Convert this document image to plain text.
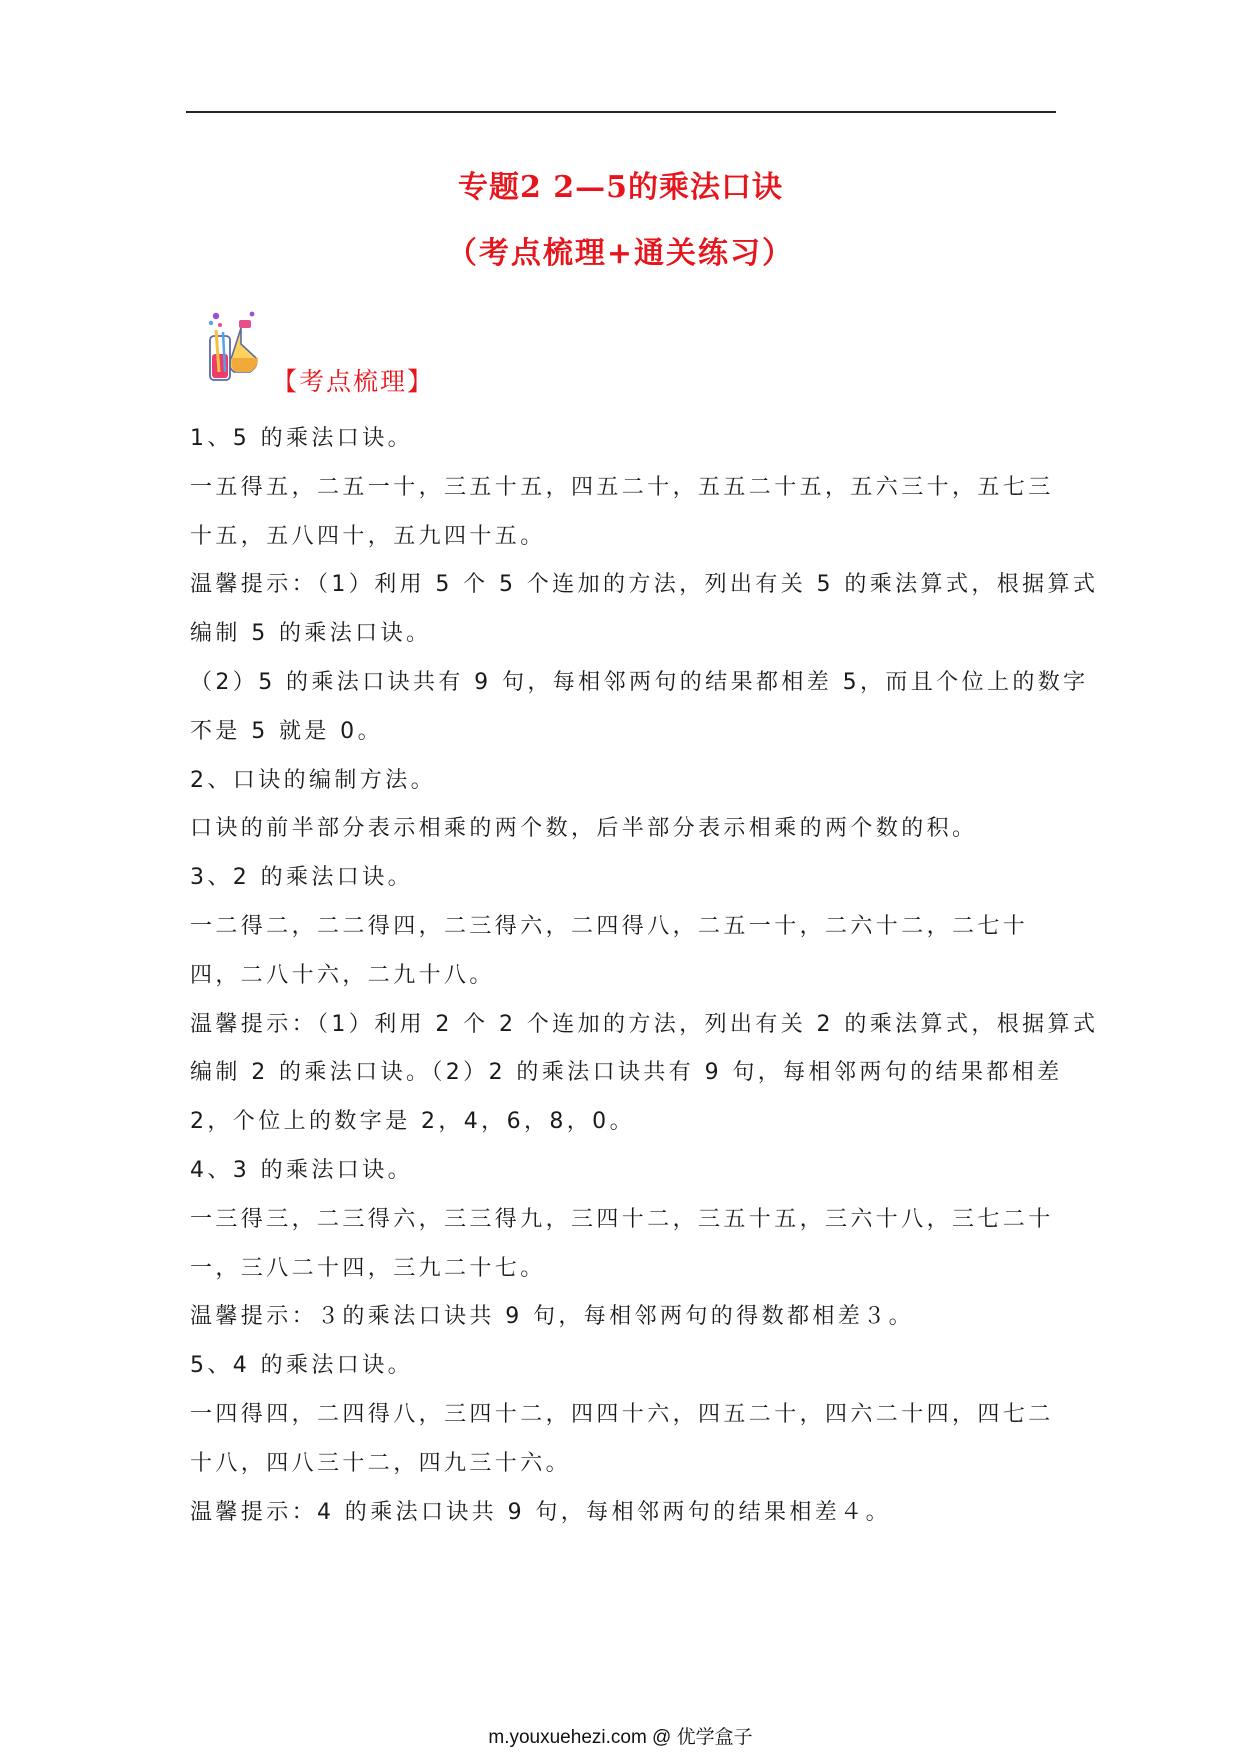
专题2 2—5的乘法口诀
（考点梳理+通关练习）
【考点梳理】
1、5 的乘法口诀。
一五得五，二五一十，三五十五，四五二十，五五二十五，五六三十，五七三
十五，五八四十，五九四十五。
温馨提示：（1）利用 5 个 5 个连加的方法，列出有关 5 的乘法算式，根据算式
编制 5 的乘法口诀。
（2）5 的乘法口诀共有 9 句，每相邻两句的结果都相差 5，而且个位上的数字
不是 5 就是 0。
2、口诀的编制方法。
口诀的前半部分表示相乘的两个数，后半部分表示相乘的两个数的积。
3、2 的乘法口诀。
一二得二，二二得四，二三得六，二四得八，二五一十，二六十二，二七十
四，二八十六，二九十八。
温馨提示：（1）利用 2 个 2 个连加的方法，列出有关 2 的乘法算式，根据算式
编制 2 的乘法口诀。（2）2 的乘法口诀共有 9 句，每相邻两句的结果都相差
2，个位上的数字是 2，4，6，8，0。
4、3 的乘法口诀。
一三得三，二三得六，三三得九，三四十二，三五十五，三六十八，三七二十
一，三八二十四，三九二十七。
温馨提示：３的乘法口诀共 9 句，每相邻两句的得数都相差３。
5、4 的乘法口诀。
一四得四，二四得八，三四十二，四四十六，四五二十，四六二十四，四七二
十八，四八三十二，四九三十六。
温馨提示：4 的乘法口诀共 9 句，每相邻两句的结果相差４。
m.youxuehezi.com @ 优学盒子
